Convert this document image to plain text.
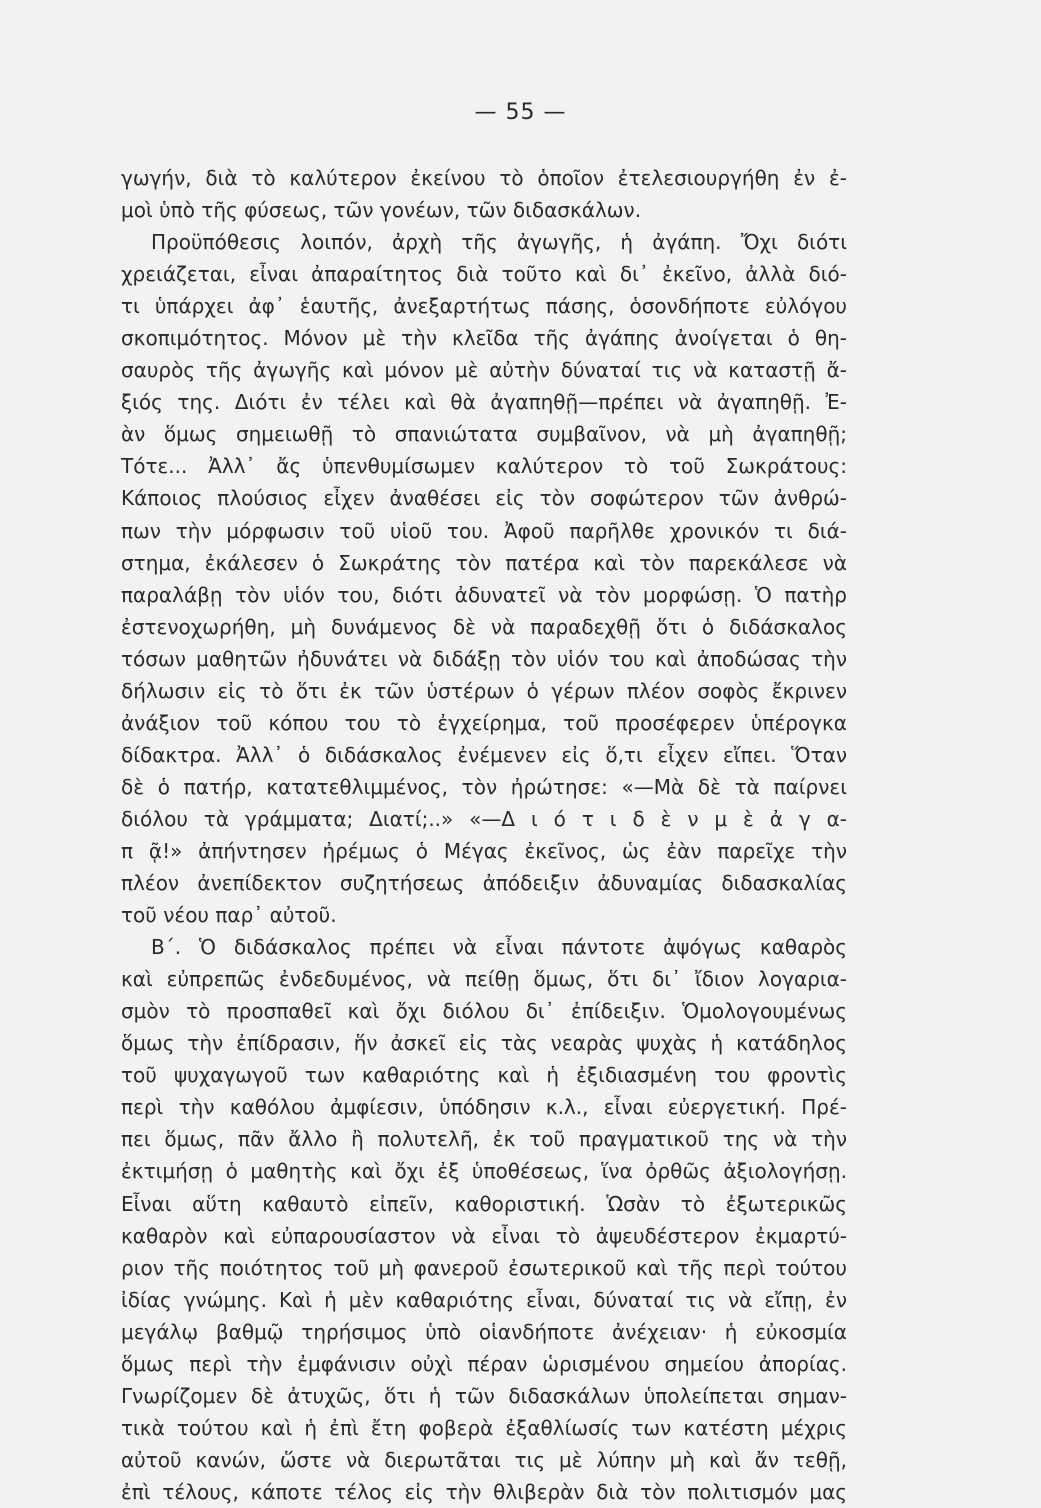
— 55 —
γωγήν, διὰ τὸ καλύτερον ἐκείνου τὸ ὁποῖον ἐτελεσιουργήθη ἐν ἐ-
μοὶ ὑπὸ τῆς φύσεως, τῶν γονέων, τῶν διδασκάλων.
Προϋπόθεσις λοιπόν, ἀρχὴ τῆς ἀγωγῆς, ἡ ἀγάπη. Ὄχι διότι
χρειάζεται, εἶναι ἀπαραίτητος διὰ τοῦτο καὶ δι᾿ ἐκεῖνο, ἀλλὰ διό-
τι ὑπάρχει ἀφ᾿ ἑαυτῆς, ἀνεξαρτήτως πάσης, ὁσονδήποτε εὐλόγου
σκοπιμότητος. Μόνον μὲ τὴν κλεῖδα τῆς ἀγάπης ἀνοίγεται ὁ θη-
σαυρὸς τῆς ἀγωγῆς καὶ μόνον μὲ αὐτὴν δύναταί τις νὰ καταστῇ ἄ-
ξιός της. Διότι ἐν τέλει καὶ θὰ ἀγαπηθῇ—πρέπει νὰ ἀγαπηθῇ. Ἐ-
ὰν ὅμως σημειωθῇ τὸ σπανιώτατα συμβαῖνον, νὰ μὴ ἀγαπηθῇ;
Τότε... Ἀλλ᾿ ἄς ὑπενθυμίσωμεν καλύτερον τὸ τοῦ Σωκράτους:
Κάποιος πλούσιος εἶχεν ἀναθέσει εἰς τὸν σοφώτερον τῶν ἀνθρώ-
πων τὴν μόρφωσιν τοῦ υἱοῦ του. Ἀφοῦ παρῆλθε χρονικόν τι διά-
στημα, ἐκάλεσεν ὁ Σωκράτης τὸν πατέρα καὶ τὸν παρεκάλεσε νὰ
παραλάβῃ τὸν υἱόν του, διότι ἀδυνατεῖ νὰ τὸν μορφώσῃ. Ὁ πατὴρ
ἐστενοχωρήθη, μὴ δυνάμενος δὲ νὰ παραδεχθῇ ὅτι ὁ διδάσκαλος
τόσων μαθητῶν ἠδυνάτει νὰ διδάξῃ τὸν υἱόν του καὶ ἀποδώσας τὴν
δήλωσιν εἰς τὸ ὅτι ἐκ τῶν ὑστέρων ὁ γέρων πλέον σοφὸς ἔκρινεν
ἀνάξιον τοῦ κόπου του τὸ ἐγχείρημα, τοῦ προσέφερεν ὑπέρογκα
δίδακτρα. Ἀλλ᾿ ὁ διδάσκαλος ἐνέμενεν εἰς ὅ,τι εἶχεν εἴπει. Ὅταν
δὲ ὁ πατήρ, κατατεθλιμμένος, τὸν ἠρώτησε: «—Μὰ δὲ τὰ παίρνει
διόλου τὰ γράμματα; Διατί;..» «—Δ ι ό τ ι δ ὲ ν μ ὲ ἀ γ α-
π ᾷ!» ἀπήντησεν ἠρέμως ὁ Μέγας ἐκεῖνος, ὡς ἐὰν παρεῖχε τὴν
πλέον ἀνεπίδεκτον συζητήσεως ἀπόδειξιν ἀδυναμίας διδασκαλίας
τοῦ νέου παρ᾿ αὐτοῦ.
Β΄. Ὁ διδάσκαλος πρέπει νὰ εἶναι πάντοτε ἀψόγως καθαρὸς
καὶ εὐπρεπῶς ἐνδεδυμένος, νὰ πείθῃ ὅμως, ὅτι δι᾿ ἴδιον λογαρια-
σμὸν τὸ προσπαθεῖ καὶ ὄχι διόλου δι᾿ ἐπίδειξιν. Ὁμολογουμένως
ὅμως τὴν ἐπίδρασιν, ἥν ἀσκεῖ εἰς τὰς νεαρὰς ψυχὰς ἡ κατάδηλος
τοῦ ψυχαγωγοῦ των καθαριότης καὶ ἡ ἐξιδιασμένη του φροντὶς
περὶ τὴν καθόλου ἀμφίεσιν, ὑπόδησιν κ.λ., εἶναι εὐεργετική. Πρέ-
πει ὅμως, πᾶν ἄλλο ἢ πολυτελῆ, ἐκ τοῦ πραγματικοῦ της νὰ τὴν
ἐκτιμήσῃ ὁ μαθητὴς καὶ ὄχι ἐξ ὑποθέσεως, ἵνα ὀρθῶς ἀξιολογήσῃ.
Εἶναι αὕτη καθαυτὸ εἰπεῖν, καθοριστική. Ὡσὰν τὸ ἐξωτερικῶς
καθαρὸν καὶ εὐπαρουσίαστον νὰ εἶναι τὸ ἀψευδέστερον ἐκμαρτύ-
ριον τῆς ποιότητος τοῦ μὴ φανεροῦ ἐσωτερικοῦ καὶ τῆς περὶ τούτου
ἰδίας γνώμης. Καὶ ἡ μὲν καθαριότης εἶναι, δύναταί τις νὰ εἴπῃ, ἐν
μεγάλῳ βαθμῷ τηρήσιμος ὑπὸ οἱανδήποτε ἀνέχειαν· ἡ εὐκοσμία
ὅμως περὶ τὴν ἐμφάνισιν οὐχὶ πέραν ὡρισμένου σημείου ἀπορίας.
Γνωρίζομεν δὲ ἀτυχῶς, ὅτι ἡ τῶν διδασκάλων ὑπολείπεται σημαν-
τικὰ τούτου καὶ ἡ ἐπὶ ἔτη φοβερὰ ἐξαθλίωσίς των κατέστη μέχρις
αὐτοῦ κανών, ὥστε νὰ διερωτᾶται τις μὲ λύπην μὴ καὶ ἄν τεθῇ,
ἐπὶ τέλους, κάποτε τέλος εἰς τὴν θλιβερὰν διὰ τὸν πολιτισμόν μας
